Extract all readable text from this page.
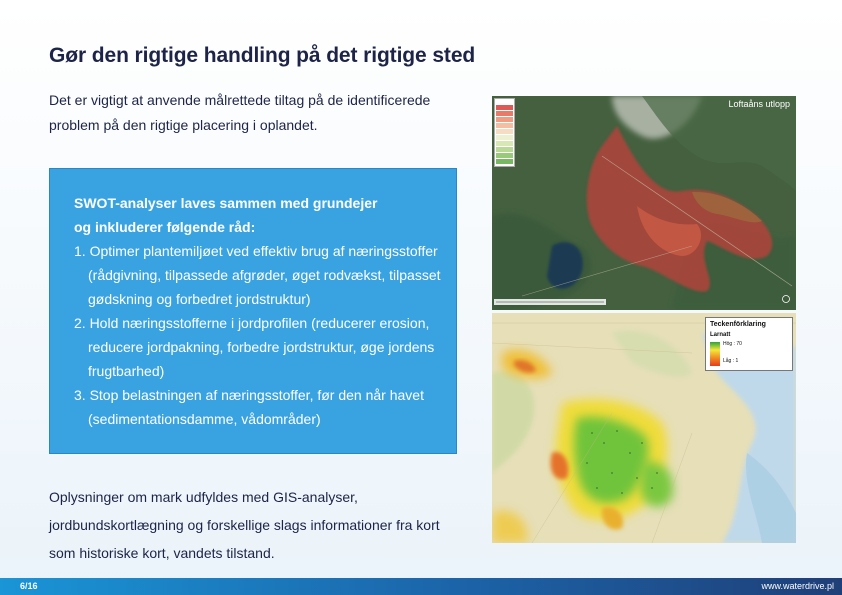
Gør den rigtige handling på det rigtige sted
Det er vigtigt at anvende målrettede tiltag på de identificerede problem på den rigtige placering i oplandet.
SWOT-analyser laves sammen med grundejer
og inkluderer følgende råd:
1. Optimer plantemiljøet ved effektiv brug af næringsstoffer (rådgivning, tilpassede afgrøder, øget rodvækst, tilpasset gødskning og forbedret jordstruktur)
2. Hold næringsstofferne i jordprofilen (reducerer erosion, reducere jordpakning, forbedre jordstruktur, øge jordens frugtbarhed)
3. Stop belastningen af næringsstoffer, før den når havet (sedimentationsdamme, vådområder)
Oplysninger om mark udfyldes med GIS-analyser, jordbundskortlægning og forskellige slags informationer fra kort som historiske kort, vandets tilstand.
Loftaåns utlopp
Teckenförklaring
Larnatt
Hög : 70
Låg : 1
6/16	www.waterdrive.pl
